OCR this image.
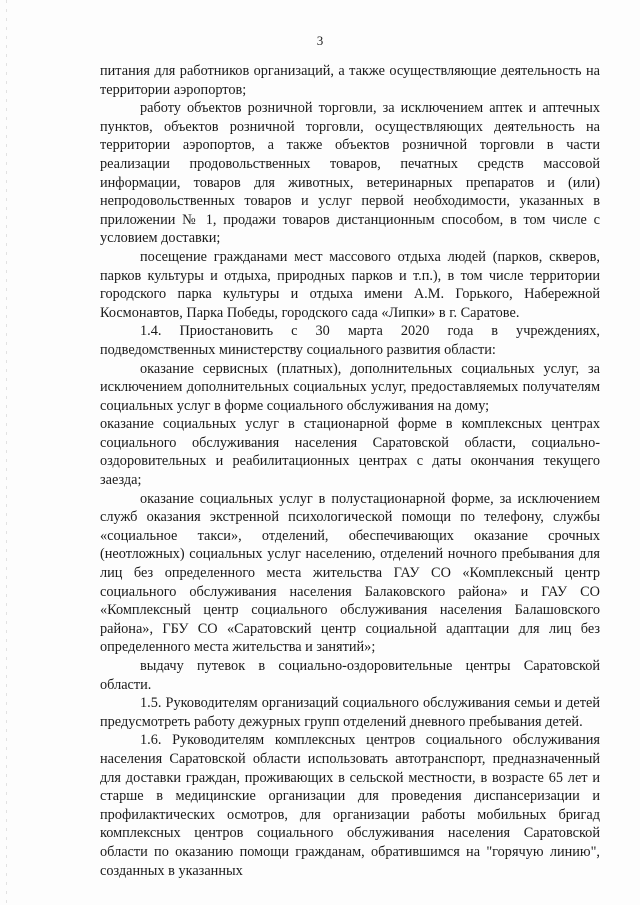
3

питания для работников организаций, а также осуществляющие деятельность на территории аэропортов;

работу объектов розничной торговли, за исключением аптек и аптечных пунктов, объектов розничной торговли, осуществляющих деятельность на территории аэропортов, а также объектов розничной торговли в части реализации продовольственных товаров, печатных средств массовой информации, товаров для животных, ветеринарных препаратов и (или) непродовольственных товаров и услуг первой необходимости, указанных в приложении № 1, продажи товаров дистанционным способом, в том числе с условием доставки;

посещение гражданами мест массового отдыха людей (парков, скверов, парков культуры и отдыха, природных парков и т.п.), в том числе территории городского парка культуры и отдыха имени А.М. Горького, Набережной Космонавтов, Парка Победы, городского сада «Липки» в г. Саратове.

1.4. Приостановить с 30 марта 2020 года в учреждениях, подведомственных министерству социального развития области:

оказание сервисных (платных), дополнительных социальных услуг, за исключением дополнительных социальных услуг, предоставляемых получателям социальных услуг в форме социального обслуживания на дому;

оказание социальных услуг в стационарной форме в комплексных центрах социального обслуживания населения Саратовской области, социально-оздоровительных и реабилитационных центрах с даты окончания текущего заезда;

оказание социальных услуг в полустационарной форме, за исключением служб оказания экстренной психологической помощи по телефону, службы «социальное такси», отделений, обеспечивающих оказание срочных (неотложных) социальных услуг населению, отделений ночного пребывания для лиц без определенного места жительства ГАУ СО «Комплексный центр социального обслуживания населения Балаковского района» и ГАУ СО «Комплексный центр социального обслуживания населения Балашовского района», ГБУ СО «Саратовский центр социальной адаптации для лиц без определенного места жительства и занятий»;

выдачу путевок в социально-оздоровительные центры Саратовской области.

1.5. Руководителям организаций социального обслуживания семьи и детей предусмотреть работу дежурных групп отделений дневного пребывания детей.

1.6. Руководителям комплексных центров социального обслуживания населения Саратовской области использовать автотранспорт, предназначенный для доставки граждан, проживающих в сельской местности, в возрасте 65 лет и старше в медицинские организации для проведения диспансеризации и профилактических осмотров, для организации работы мобильных бригад комплексных центров социального обслуживания населения Саратовской области по оказанию помощи гражданам, обратившимся на "горячую линию", созданных в указанных
